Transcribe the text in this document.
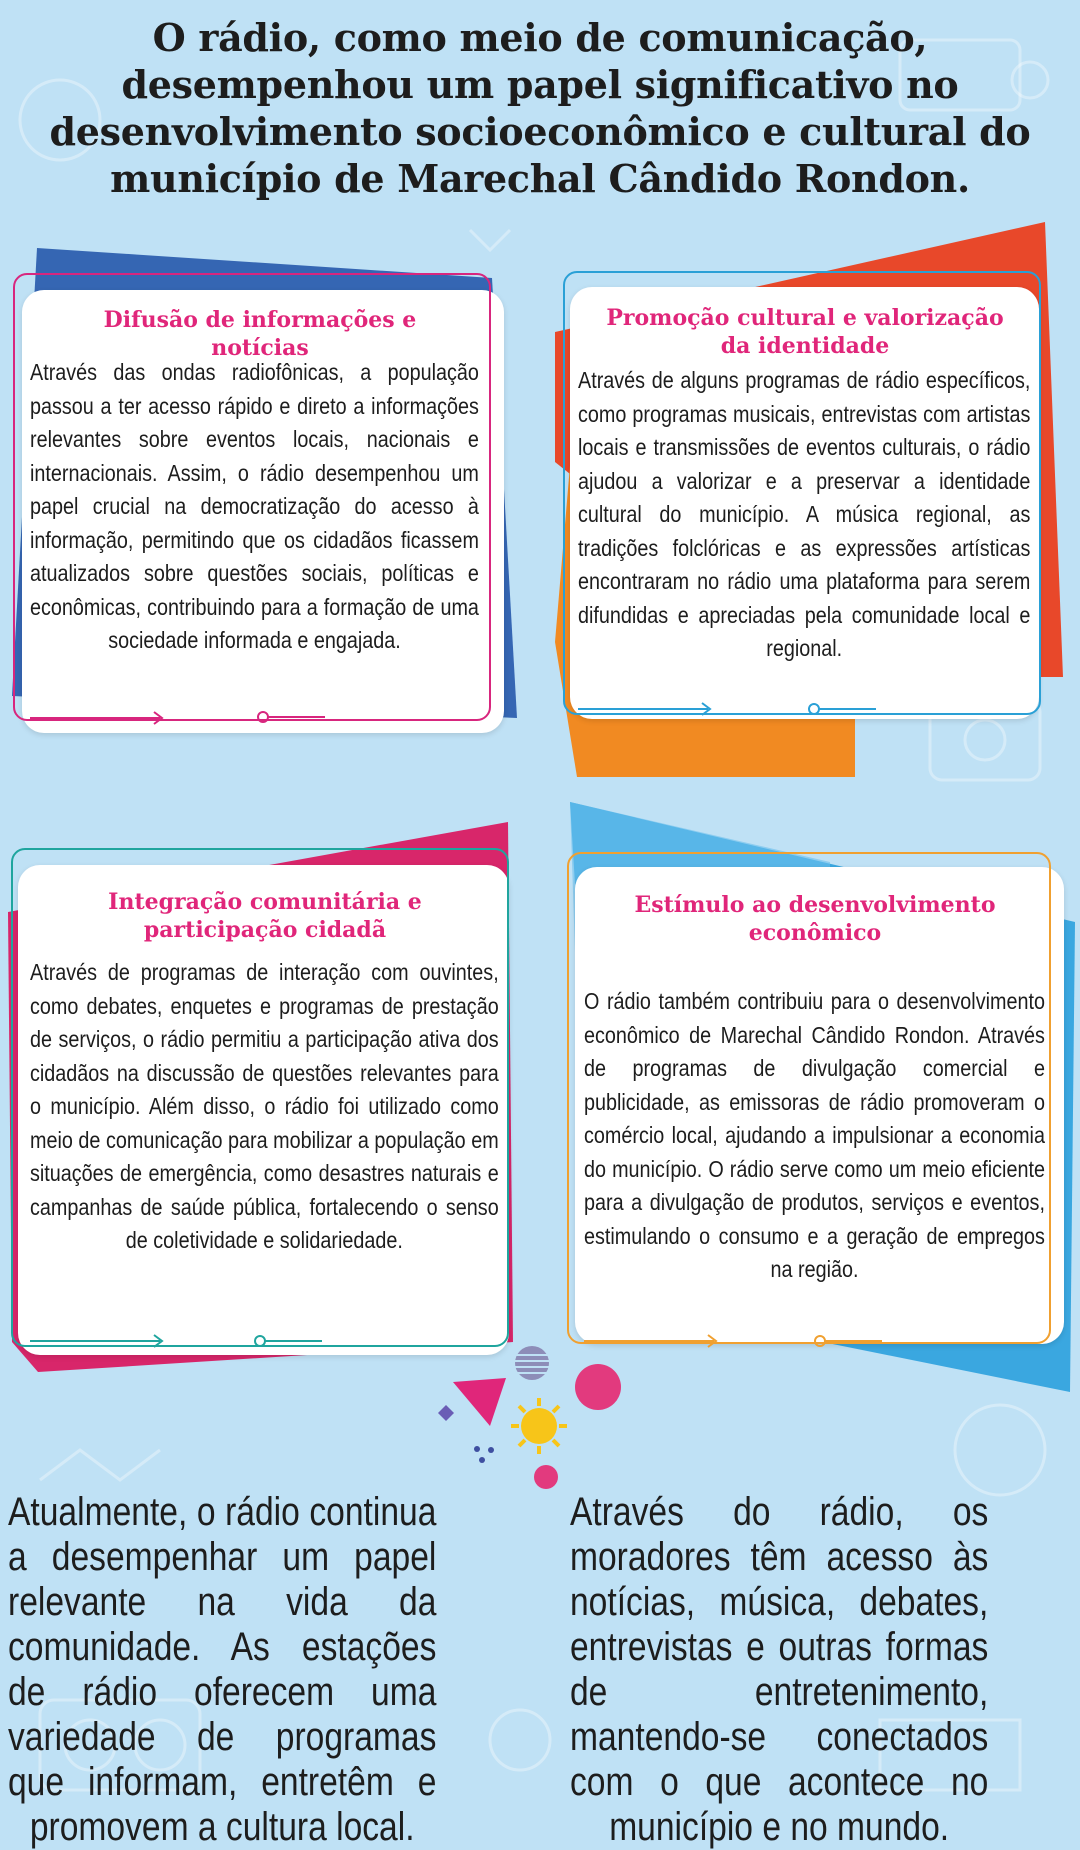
O rádio, como meio de comunicação, desempenhou um papel significativo no desenvolvimento socioeconômico e cultural do município de Marechal Cândido Rondon.
Difusão de informações e notícias

Através das ondas radiofônicas, a população passou a ter acesso rápido e direto a informações relevantes sobre eventos locais, nacionais e internacionais. Assim, o rádio desempenhou um papel crucial na democratização do acesso à informação, permitindo que os cidadãos ficassem atualizados sobre questões sociais, políticas e econômicas, contribuindo para a formação de uma sociedade informada e engajada.

Promoção cultural e valorização da identidade

Através de alguns programas de rádio específicos, como programas musicais, entrevistas com artistas locais e transmissões de eventos culturais, o rádio ajudou a valorizar e a preservar a identidade cultural do município. A música regional, as tradições folclóricas e as expressões artísticas encontraram no rádio uma plataforma para serem difundidas e apreciadas pela comunidade local e regional.

Integração comunitária e participação cidadã

Através de programas de interação com ouvintes, como debates, enquetes e programas de prestação de serviços, o rádio permitiu a participação ativa dos cidadãos na discussão de questões relevantes para o município. Além disso, o rádio foi utilizado como meio de comunicação para mobilizar a população em situações de emergência, como desastres naturais e campanhas de saúde pública, fortalecendo o senso de coletividade e solidariedade.

Estímulo ao desenvolvimento econômico

O rádio também contribuiu para o desenvolvimento econômico de Marechal Cândido Rondon. Através de programas de divulgação comercial e publicidade, as emissoras de rádio promoveram o comércio local, ajudando a impulsionar a economia do município. O rádio serve como um meio eficiente para a divulgação de produtos, serviços e eventos, estimulando o consumo e a geração de empregos na região.

Atualmente, o rádio continua a desempenhar um papel relevante na vida da comunidade. As estações de rádio oferecem uma variedade de programas que informam, entretêm e promovem a cultura local.

Através do rádio, os moradores têm acesso às notícias, música, debates, entrevistas e outras formas de entretenimento, mantendo-se conectados com o que acontece no município e no mundo.
